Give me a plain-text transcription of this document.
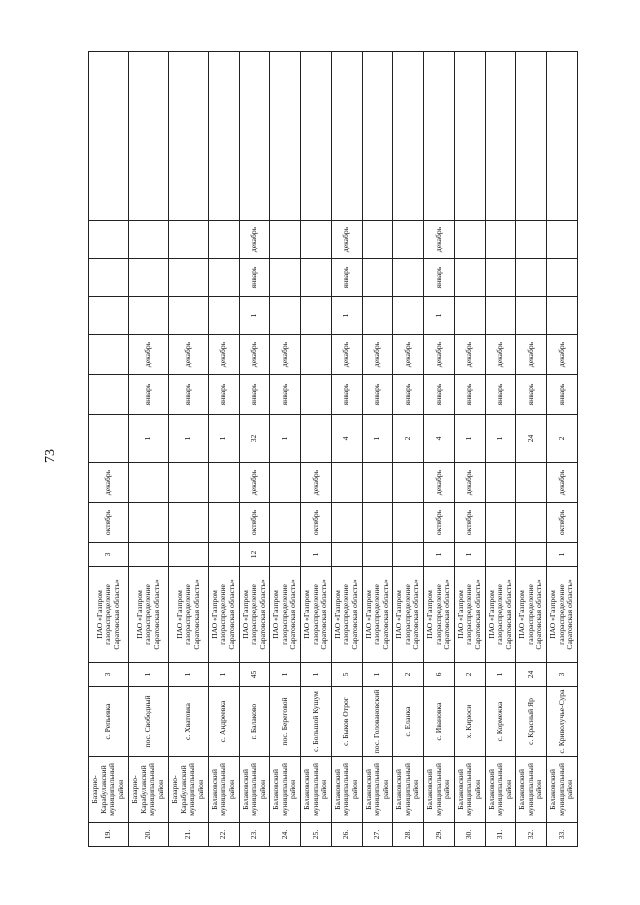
73
19.	Базарно-Карабулакский муниципальный район	с. Репьевка	3	ПАО «Газпром газораспределение Саратовская область»	3	октябрь	декабрь							
20.	Базарно-Карабулакский муниципальный район	пос. Свободный	1	ПАО «Газпром газораспределение Саратовская область»				1	январь	декабрь				
21.	Базарно-Карабулакский муниципальный район	с. Хватовка	1	ПАО «Газпром газораспределение Саратовская область»				1	январь	декабрь				
22.	Балаковский муниципальный район	с. Андреевка	1	ПАО «Газпром газораспределение Саратовская область»				1	январь	декабрь				
23.	Балаковский муниципальный район	г. Балаково	45	ПАО «Газпром газораспределение Саратовская область»	12	октябрь	декабрь	32	январь	декабрь	1	январь	декабрь	
24.	Балаковский муниципальный район	пос. Береговой	1	ПАО «Газпром газораспределение Саратовская область»				1	январь	декабрь				
25.	Балаковский муниципальный район	с. Большой Кушум	1	ПАО «Газпром газораспределение Саратовская область»	1	октябрь	декабрь							
26.	Балаковский муниципальный район	с. Быков Отрог	5	ПАО «Газпром газораспределение Саратовская область»				4	январь	декабрь	1	январь	декабрь	
27.	Балаковский муниципальный район	пос. Головановский	1	ПАО «Газпром газораспределение Саратовская область»				1	январь	декабрь				
28.	Балаковский муниципальный район	с. Еланка	2	ПАО «Газпром газораспределение Саратовская область»				2	январь	декабрь				
29.	Балаковский муниципальный район	с. Ивановка	6	ПАО «Газпром газораспределение Саратовская область»	1	октябрь	декабрь	4	январь	декабрь	1	январь	декабрь	
30.	Балаковский муниципальный район	х. Кирюси	2	ПАО «Газпром газораспределение Саратовская область»	1	октябрь	декабрь	1	январь	декабрь				
31.	Балаковский муниципальный район	с. Кормежка	1	ПАО «Газпром газораспределение Саратовская область»				1	январь	декабрь				
32.	Балаковский муниципальный район	с. Красный Яр	24	ПАО «Газпром газораспределение Саратовская область»				24	январь	декабрь				
33.	Балаковский муниципальный район	с. Криволучье-Сура	3	ПАО «Газпром газораспределение Саратовская область»	1	октябрь	декабрь	2	январь	декабрь				
